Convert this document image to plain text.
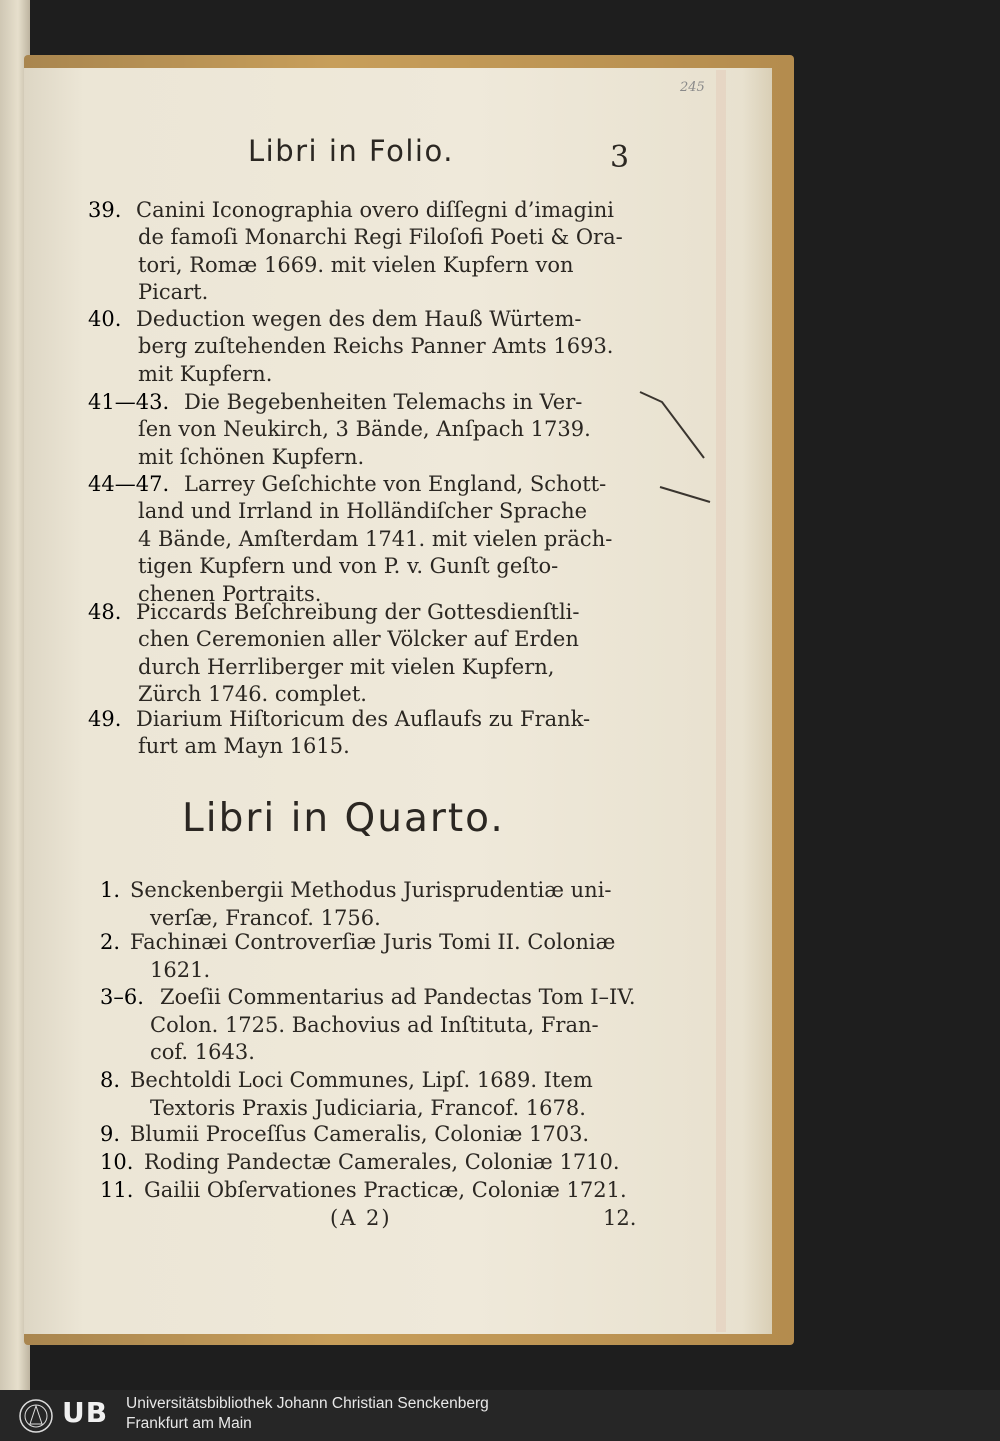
245
Libri in Folio.	3
39. Canini Iconographia overo diſſegni d’imagini
de famoſi Monarchi Regi Filoſofi Poeti & Ora-
tori, Romæ 1669. mit vielen Kupfern von
Picart.
40. Deduction wegen des dem Hauß Würtem-
berg zuſtehenden Reichs Panner Amts 1693.
mit Kupfern.
41—43. Die Begebenheiten Telemachs in Ver-
ſen von Neukirch, 3 Bände, Anſpach 1739.
mit ſchönen Kupfern.
44—47. Larrey Geſchichte von England, Schott-
land und Irrland in Holländiſcher Sprache
4 Bände, Amſterdam 1741. mit vielen präch-
tigen Kupfern und von P. v. Gunſt geſto-
chenen Portraits.
48. Piccards Beſchreibung der Gottesdienſtli-
chen Ceremonien aller Völcker auf Erden
durch Herrliberger mit vielen Kupfern,
Zürch 1746. complet.
49. Diarium Hiſtoricum des Auflaufs zu Frank-
furt am Mayn 1615.
Libri in Quarto.
1. Senckenbergii Methodus Jurisprudentiæ uni-
verſæ, Francof. 1756.
2. Fachinæi Controverſiæ Juris Tomi II. Coloniæ
1621.
3–6. Zoeſii Commentarius ad Pandectas Tom I–IV.
Colon. 1725. Bachovius ad Inſtituta, Fran-
cof. 1643.
8. Bechtoldi Loci Communes, Lipſ. 1689. Item
Textoris Praxis Judiciaria, Francof. 1678.
9. Blumii Proceſſus Cameralis, Coloniæ 1703.
10. Roding Pandectæ Camerales, Coloniæ 1710.
11. Gailii Obſervationes Practicæ, Coloniæ 1721.
(A 2)	12.
UB Universitätsbibliothek Johann Christian Senckenberg
Frankfurt am Main
